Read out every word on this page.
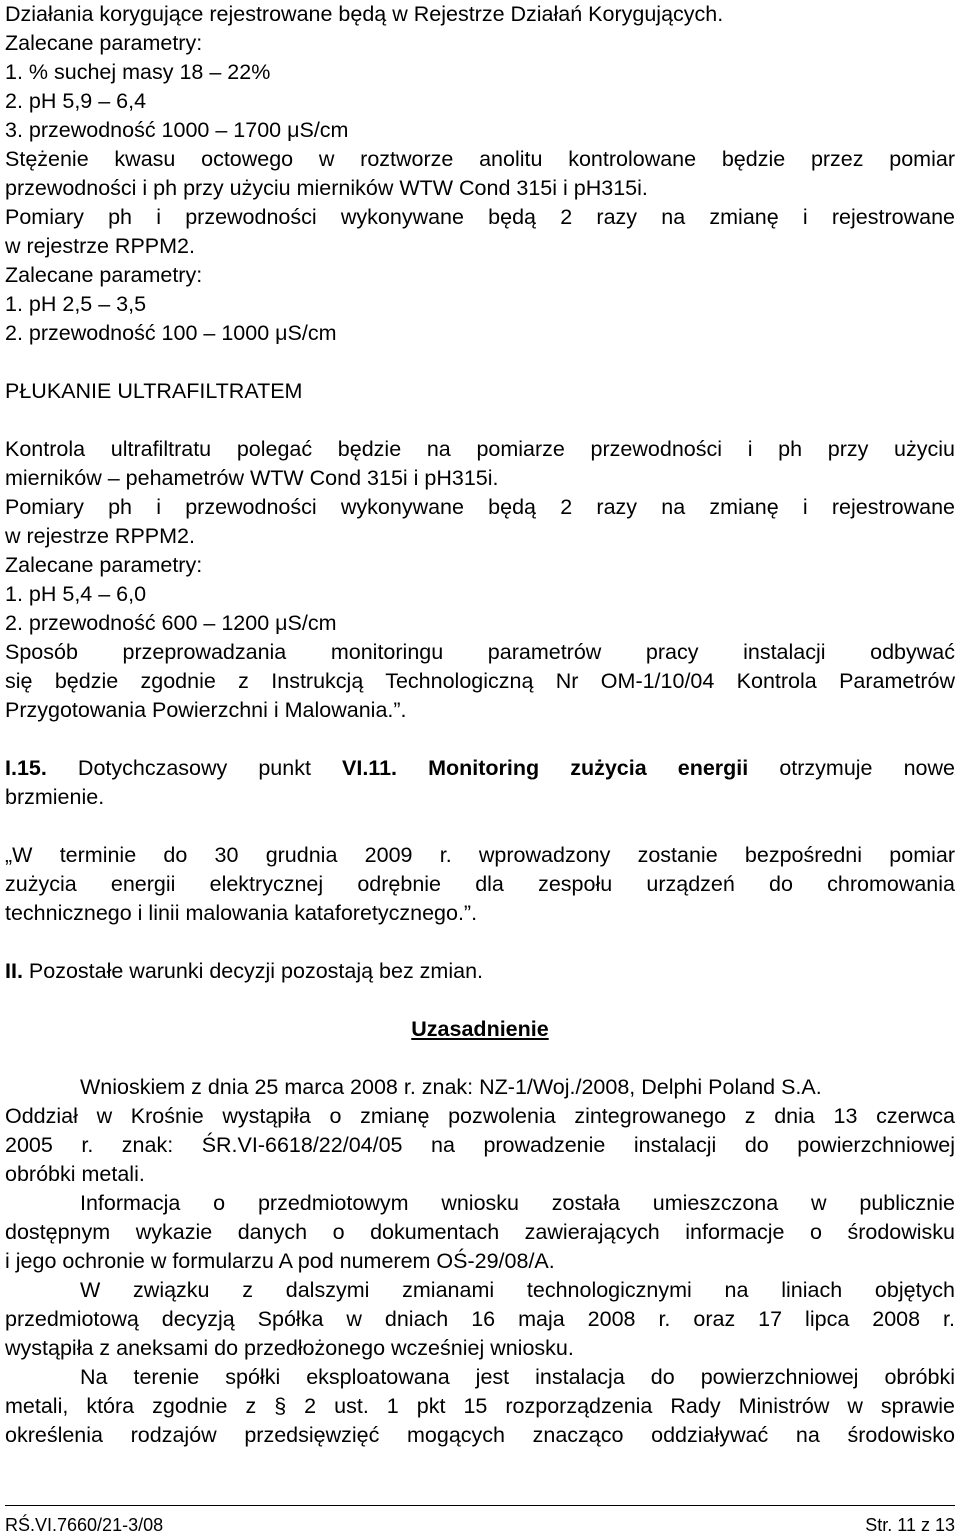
Działania korygujące rejestrowane będą w Rejestrze Działań Korygujących.
Zalecane parametry:
1. % suchej masy 18 – 22%
2. pH 5,9 – 6,4
3. przewodność 1000 – 1700 μS/cm
Stężenie kwasu octowego w roztworze anolitu kontrolowane będzie przez pomiar
przewodności i ph przy użyciu mierników WTW Cond 315i i pH315i.
Pomiary ph i przewodności wykonywane będą 2 razy na zmianę i rejestrowane
w rejestrze RPPM2.
Zalecane parametry:
1. pH 2,5 – 3,5
2. przewodność 100 – 1000 μS/cm
PŁUKANIE ULTRAFILTRATEM
Kontrola ultrafiltratu polegać będzie na pomiarze przewodności i ph przy użyciu
mierników – pehametrów WTW Cond 315i i pH315i.
Pomiary ph i przewodności wykonywane będą 2 razy na zmianę i rejestrowane
w rejestrze RPPM2.
Zalecane parametry:
1. pH 5,4 – 6,0
2. przewodność 600 – 1200 μS/cm
Sposób przeprowadzania monitoringu parametrów pracy instalacji odbywać
się będzie zgodnie z Instrukcją Technologiczną Nr OM-1/10/04 Kontrola Parametrów
Przygotowania Powierzchni i Malowania.”.
I.15. Dotychczasowy punkt VI.11. Monitoring zużycia energii otrzymuje nowe
brzmienie.
„W terminie do 30 grudnia 2009 r. wprowadzony zostanie bezpośredni pomiar
zużycia energii elektrycznej odrębnie dla zespołu urządzeń do chromowania
technicznego i linii malowania kataforetycznego.”.
II. Pozostałe warunki decyzji pozostają bez zmian.
Uzasadnienie
Wnioskiem z dnia 25 marca 2008 r. znak: NZ-1/Woj./2008, Delphi Poland S.A.
Oddział w Krośnie wystąpiła o zmianę pozwolenia zintegrowanego z dnia 13 czerwca
2005 r. znak: ŚR.VI-6618/22/04/05 na prowadzenie instalacji do powierzchniowej
obróbki metali.
Informacja o przedmiotowym wniosku została umieszczona w publicznie
dostępnym wykazie danych o dokumentach zawierających informacje o środowisku
i jego ochronie w formularzu A pod numerem OŚ-29/08/A.
W związku z dalszymi zmianami technologicznymi na liniach objętych
przedmiotową decyzją Spółka w dniach 16 maja 2008 r. oraz 17 lipca 2008 r.
wystąpiła z aneksami do przedłożonego wcześniej wniosku.
Na terenie spółki eksploatowana jest instalacja do powierzchniowej obróbki
metali, która zgodnie z § 2 ust. 1 pkt 15 rozporządzenia Rady Ministrów w sprawie
określenia rodzajów przedsięwzięć mogących znacząco oddziaływać na środowisko
RŚ.VI.7660/21-3/08	Str. 11 z 13
